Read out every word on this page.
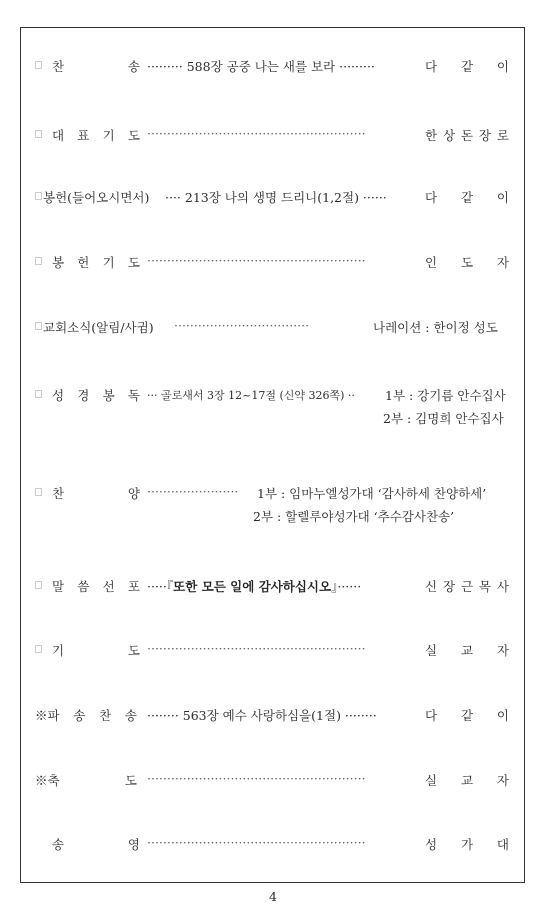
찬	송 ········· 588장 공중 나는 새를 보라 ·········	다 같 이
대 표 기 도 ·······················································	한 상 돈 장 로
봉헌(들어오시면서) ···· 213장 나의 생명 드리니(1,2절) ······	다 같 이
봉 헌 기 도 ·······················································	인 도 자
교회소식(알림/사귐) ··································	나레이션 : 한이정 성도
성 경 봉 독 ··· 골로새서 3장 12~17절 (신약 326쪽) ··	1부 : 강기름 안수집사
2부 : 김명희 안수집사
찬	양 ·······················	1부 : 임마누엘성가대 ‘감사하세 찬양하세’
2부 : 할렐루야성가대 ‘추수감사찬송’
말 씀 선 포 ·····『또한 모든 일에 감사하십시오』······	신 장 근 목 사
기	도 ·······················································	실 교 자
※파 송 찬 송 ········ 563장 예수 사랑하심을(1절) ········	다 같 이
※축	도 ·······················································	실 교 자
송	영 ·······················································	성 가 대
4
